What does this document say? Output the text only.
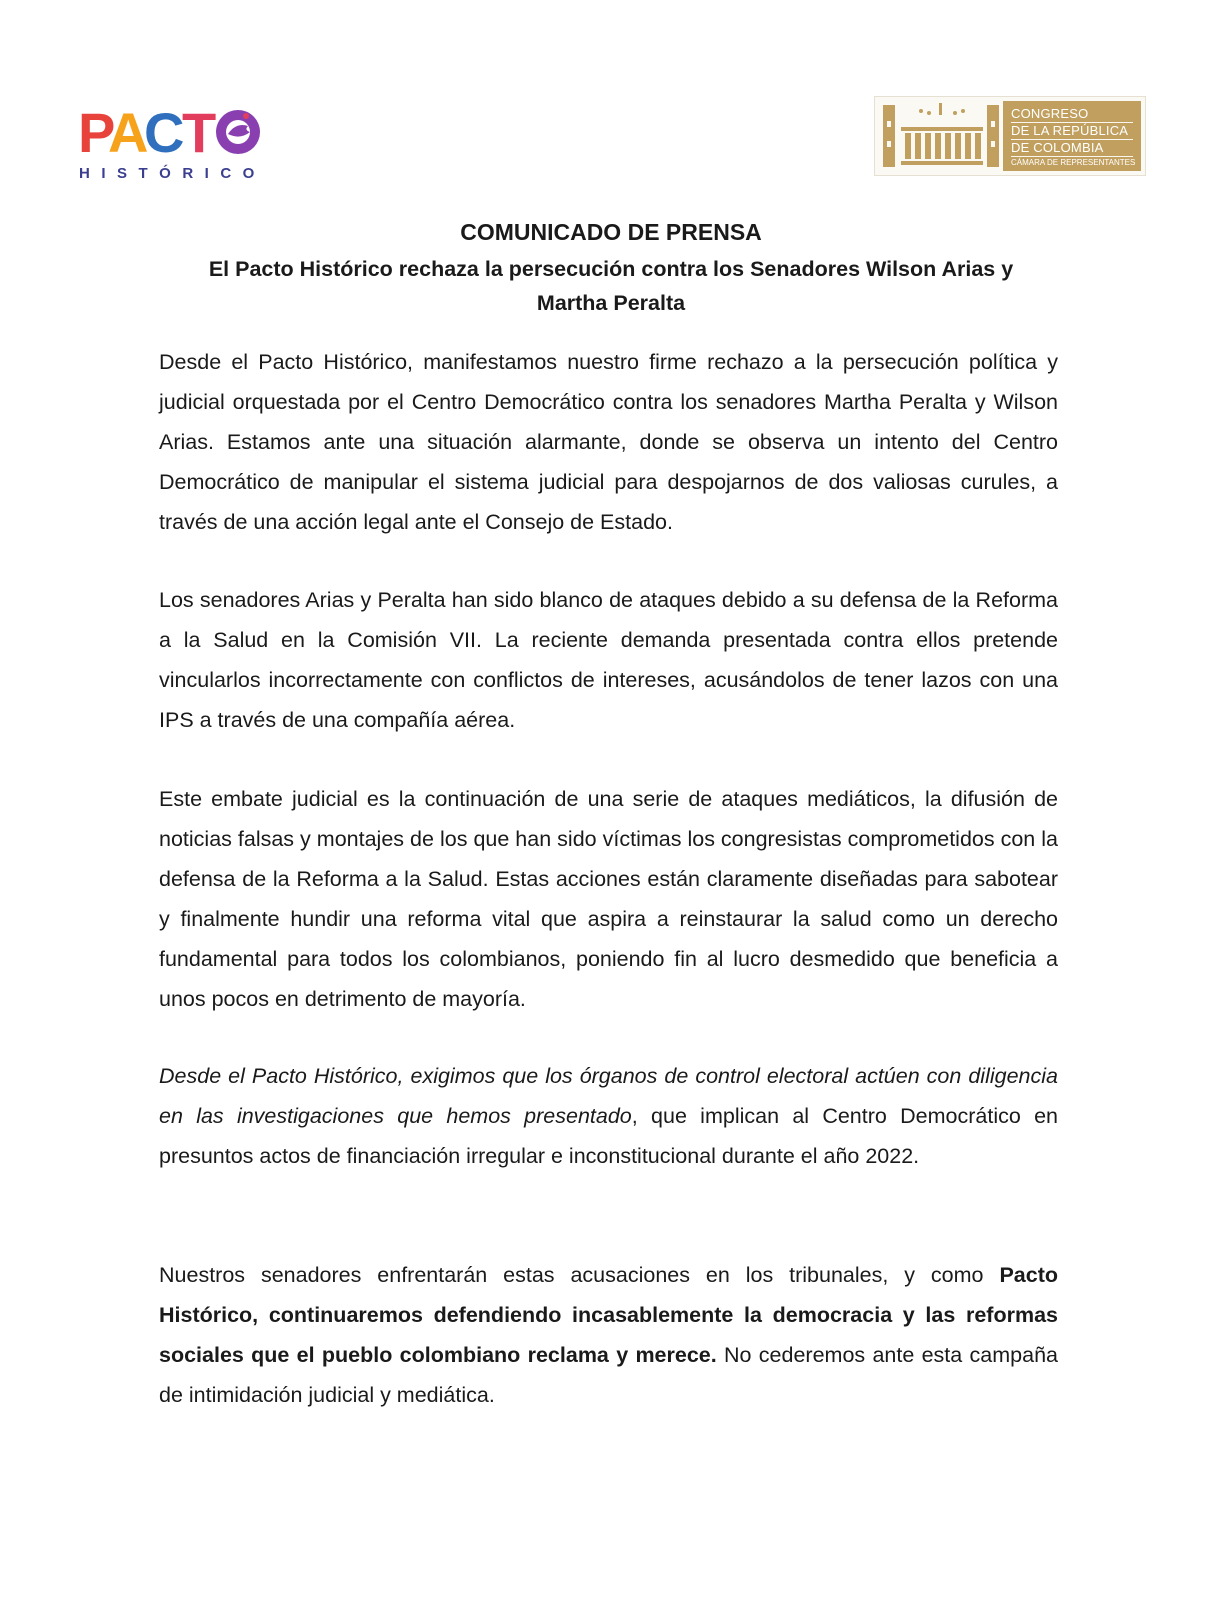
P
A
C
T
HISTÓRICO
CONGRESO
DE LA REPÚBLICA
DE COLOMBIA
CÁMARA DE REPRESENTANTES
COMUNICADO DE PRENSA
El Pacto Histórico rechaza la persecución contra los Senadores Wilson Arias y
Martha Peralta

Desde el Pacto Histórico, manifestamos nuestro firme rechazo a la persecución política y judicial orquestada por el Centro Democrático contra los senadores Martha Peralta y Wilson Arias. Estamos ante una situación alarmante, donde se observa un intento del Centro Democrático de manipular el sistema judicial para despojarnos de dos valiosas curules, a través de una acción legal ante el Consejo de Estado.

Los senadores Arias y Peralta han sido blanco de ataques debido a su defensa de la Reforma a la Salud en la Comisión VII. La reciente demanda presentada contra ellos pretende vincularlos incorrectamente con conflictos de intereses, acusándolos de tener lazos con una IPS a través de una compañía aérea.

Este embate judicial es la continuación de una serie de ataques mediáticos, la difusión de noticias falsas y montajes de los que han sido víctimas los congresistas comprometidos con la defensa de la Reforma a la Salud. Estas acciones están claramente diseñadas para sabotear y finalmente hundir una reforma vital que aspira a reinstaurar la salud como un derecho fundamental para todos los colombianos, poniendo fin al lucro desmedido que beneficia a unos pocos en detrimento de mayoría.

Desde el Pacto Histórico, exigimos que los órganos de control electoral actúen con diligencia en las investigaciones que hemos presentado, que implican al Centro Democrático en presuntos actos de financiación irregular e inconstitucional durante el año 2022.

Nuestros senadores enfrentarán estas acusaciones en los tribunales, y como Pacto Histórico, continuaremos defendiendo incasablemente la democracia y las reformas sociales que el pueblo colombiano reclama y merece. No cederemos ante esta campaña de intimidación judicial y mediática.
